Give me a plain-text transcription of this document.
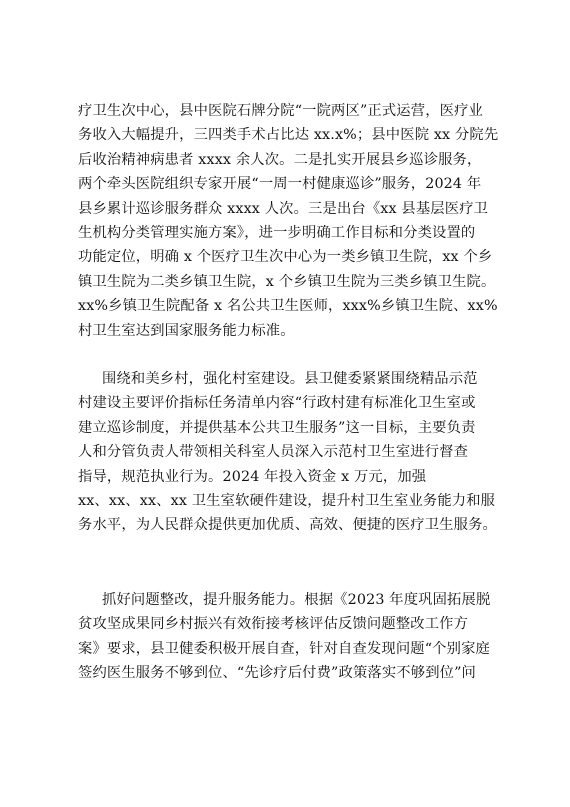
疗卫生次中心，县中医院石牌分院“一院两区”正式运营，医疗业
务收入大幅提升，三四类手术占比达 xx.x%；县中医院 xx 分院先
后收治精神病患者 xxxx 余人次。二是扎实开展县乡巡诊服务，
两个牵头医院组织专家开展“一周一村健康巡诊”服务，2024 年
县乡累计巡诊服务群众 xxxx 人次。三是出台《xx 县基层医疗卫
生机构分类管理实施方案》，进一步明确工作目标和分类设置的
功能定位，明确 x 个医疗卫生次中心为一类乡镇卫生院，xx 个乡
镇卫生院为二类乡镇卫生院，x 个乡镇卫生院为三类乡镇卫生院。
xx%乡镇卫生院配备 x 名公共卫生医师，xxx%乡镇卫生院、xx%
村卫生室达到国家服务能力标准。
围绕和美乡村，强化村室建设。县卫健委紧紧围绕精品示范
村建设主要评价指标任务清单内容“行政村建有标准化卫生室或
建立巡诊制度，并提供基本公共卫生服务”这一目标，主要负责
人和分管负责人带领相关科室人员深入示范村卫生室进行督查
指导，规范执业行为。2024 年投入资金 x 万元，加强
xx、xx、xx、xx 卫生室软硬件建设，提升村卫生室业务能力和服
务水平，为人民群众提供更加优质、高效、便捷的医疗卫生服务。
抓好问题整改，提升服务能力。根据《2023 年度巩固拓展脱
贫攻坚成果同乡村振兴有效衔接考核评估反馈问题整改工作方
案》要求，县卫健委积极开展自查，针对自查发现问题“个别家庭
签约医生服务不够到位、“先诊疗后付费”政策落实不够到位”问
